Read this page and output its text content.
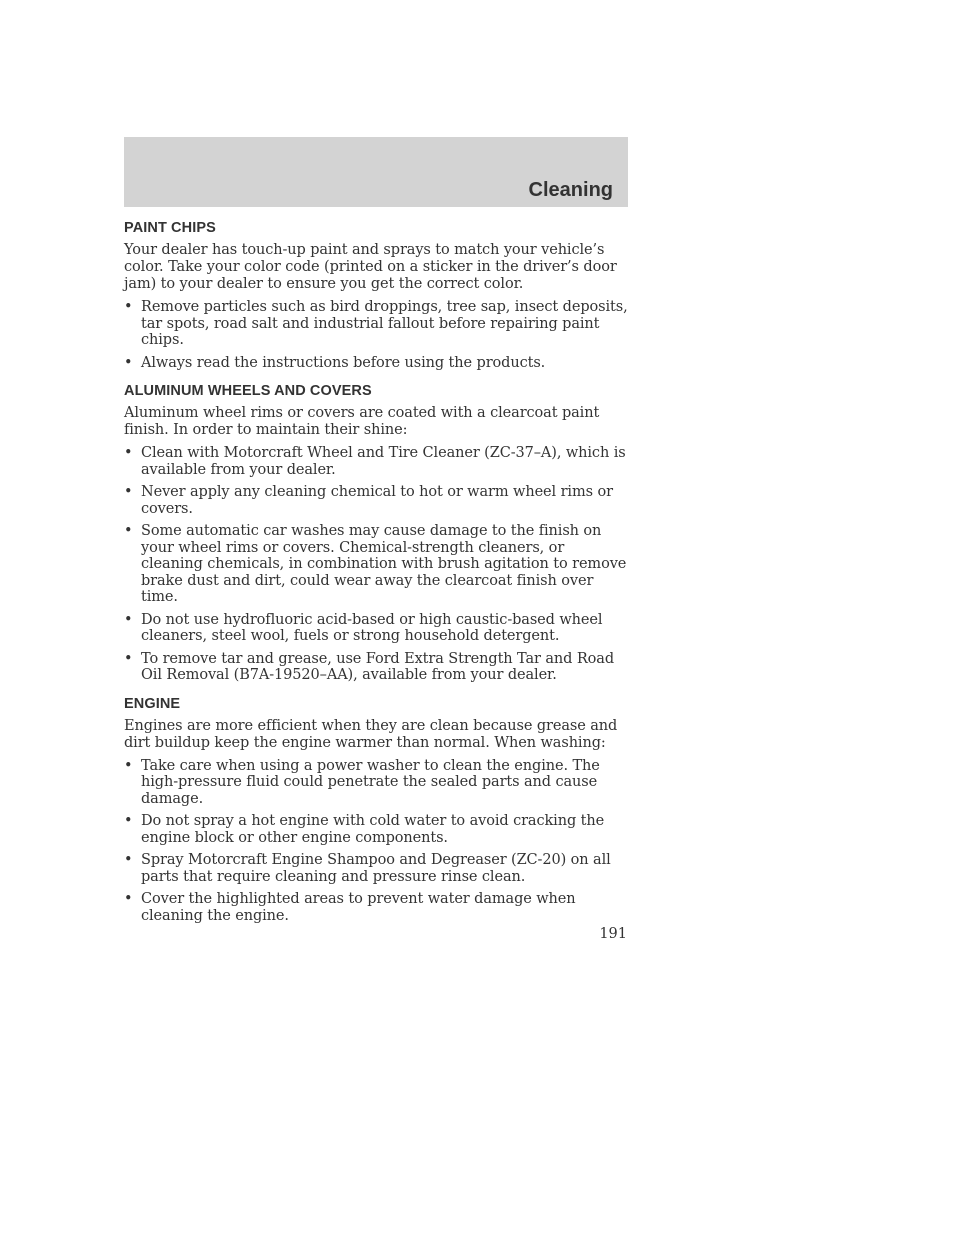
Cleaning
PAINT CHIPS

Your dealer has touch-up paint and sprays to match your vehicle’s color. Take your color code (printed on a sticker in the driver’s door jam) to your dealer to ensure you get the correct color.

• Remove particles such as bird droppings, tree sap, insect deposits, tar spots, road salt and industrial fallout before repairing paint chips.
• Always read the instructions before using the products.
ALUMINUM WHEELS AND COVERS

Aluminum wheel rims or covers are coated with a clearcoat paint finish. In order to maintain their shine:

• Clean with Motorcraft Wheel and Tire Cleaner (ZC-37–A), which is available from your dealer.
• Never apply any cleaning chemical to hot or warm wheel rims or covers.
• Some automatic car washes may cause damage to the finish on your wheel rims or covers. Chemical-strength cleaners, or cleaning chemicals, in combination with brush agitation to remove brake dust and dirt, could wear away the clearcoat finish over time.
• Do not use hydrofluoric acid-based or high caustic-based wheel cleaners, steel wool, fuels or strong household detergent.
• To remove tar and grease, use Ford Extra Strength Tar and Road Oil Removal (B7A-19520–AA), available from your dealer.
ENGINE

Engines are more efficient when they are clean because grease and dirt buildup keep the engine warmer than normal. When washing:

• Take care when using a power washer to clean the engine. The high-pressure fluid could penetrate the sealed parts and cause damage.
• Do not spray a hot engine with cold water to avoid cracking the engine block or other engine components.
• Spray Motorcraft Engine Shampoo and Degreaser (ZC-20) on all parts that require cleaning and pressure rinse clean.
• Cover the highlighted areas to prevent water damage when cleaning the engine.
191
